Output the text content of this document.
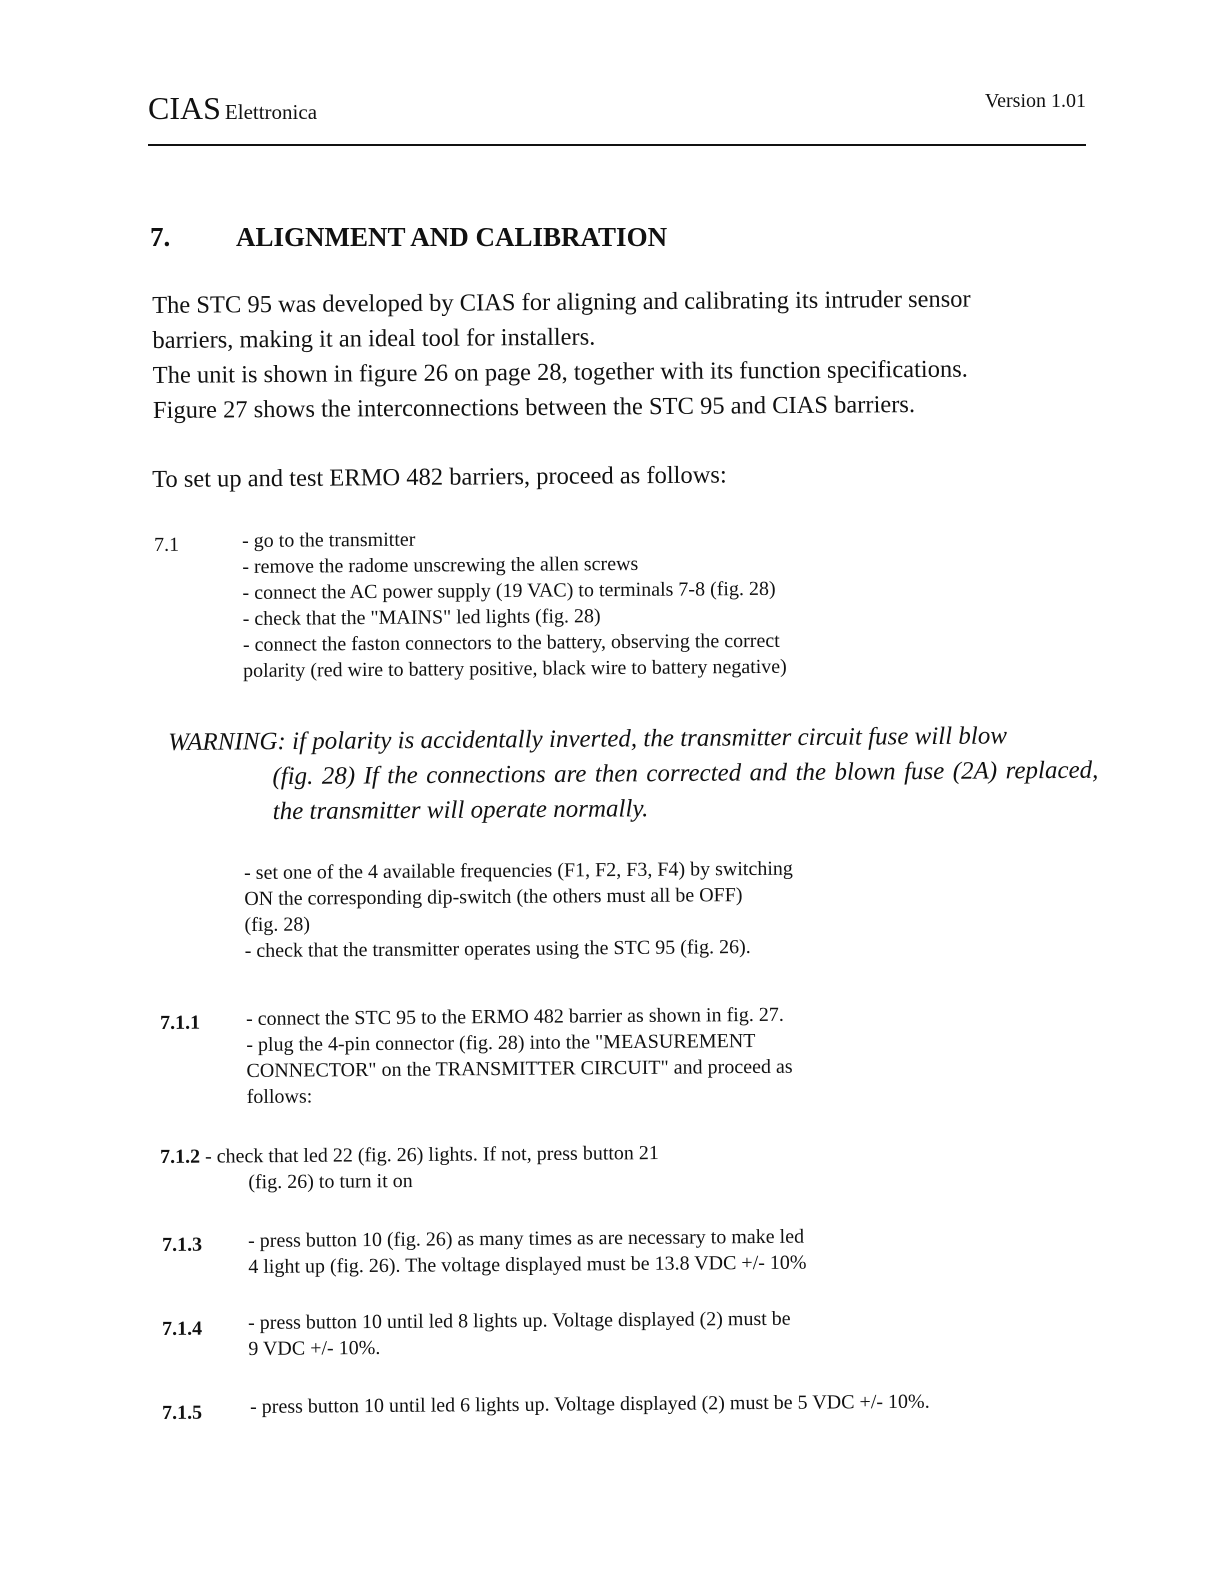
CIAS Elettronica	Version 1.01
7. ALIGNMENT AND CALIBRATION
The STC 95 was developed by CIAS for aligning and calibrating its intruder sensor
barriers, making it an ideal tool for installers.
The unit is shown in figure 26 on page 28, together with its function specifications.
Figure 27 shows the interconnections between the STC 95 and CIAS barriers.
To set up and test ERMO 482 barriers, proceed as follows:
7.1	- go to the transmitter
- remove the radome unscrewing the allen screws
- connect the AC power supply (19 VAC) to terminals 7-8 (fig. 28)
- check that the "MAINS" led lights (fig. 28)
- connect the faston connectors to the battery, observing the correct
polarity (red wire to battery positive, black wire to battery negative)
WARNING: if polarity is accidentally inverted, the transmitter circuit fuse will blow
(fig. 28) If the connections are then corrected and the blown fuse (2A) replaced, the transmitter will operate normally.
- set one of the 4 available frequencies (F1, F2, F3, F4) by switching
ON the corresponding dip-switch (the others must all be OFF)
(fig. 28)
- check that the transmitter operates using the STC 95 (fig. 26).
7.1.1 - connect the STC 95 to the ERMO 482 barrier as shown in fig. 27.
- plug the 4-pin connector (fig. 28) into the "MEASUREMENT
CONNECTOR" on the TRANSMITTER CIRCUIT" and proceed as
follows:
7.1.2 - check that led 22 (fig. 26) lights. If not, press button 21
(fig. 26) to turn it on
7.1.3 - press button 10 (fig. 26) as many times as are necessary to make led
4 light up (fig. 26). The voltage displayed must be 13.8 VDC +/- 10%
7.1.4 - press button 10 until led 8 lights up. Voltage displayed (2) must be
9 VDC +/- 10%.
7.1.5 - press button 10 until led 6 lights up. Voltage displayed (2) must be 5 VDC +/- 10%.
